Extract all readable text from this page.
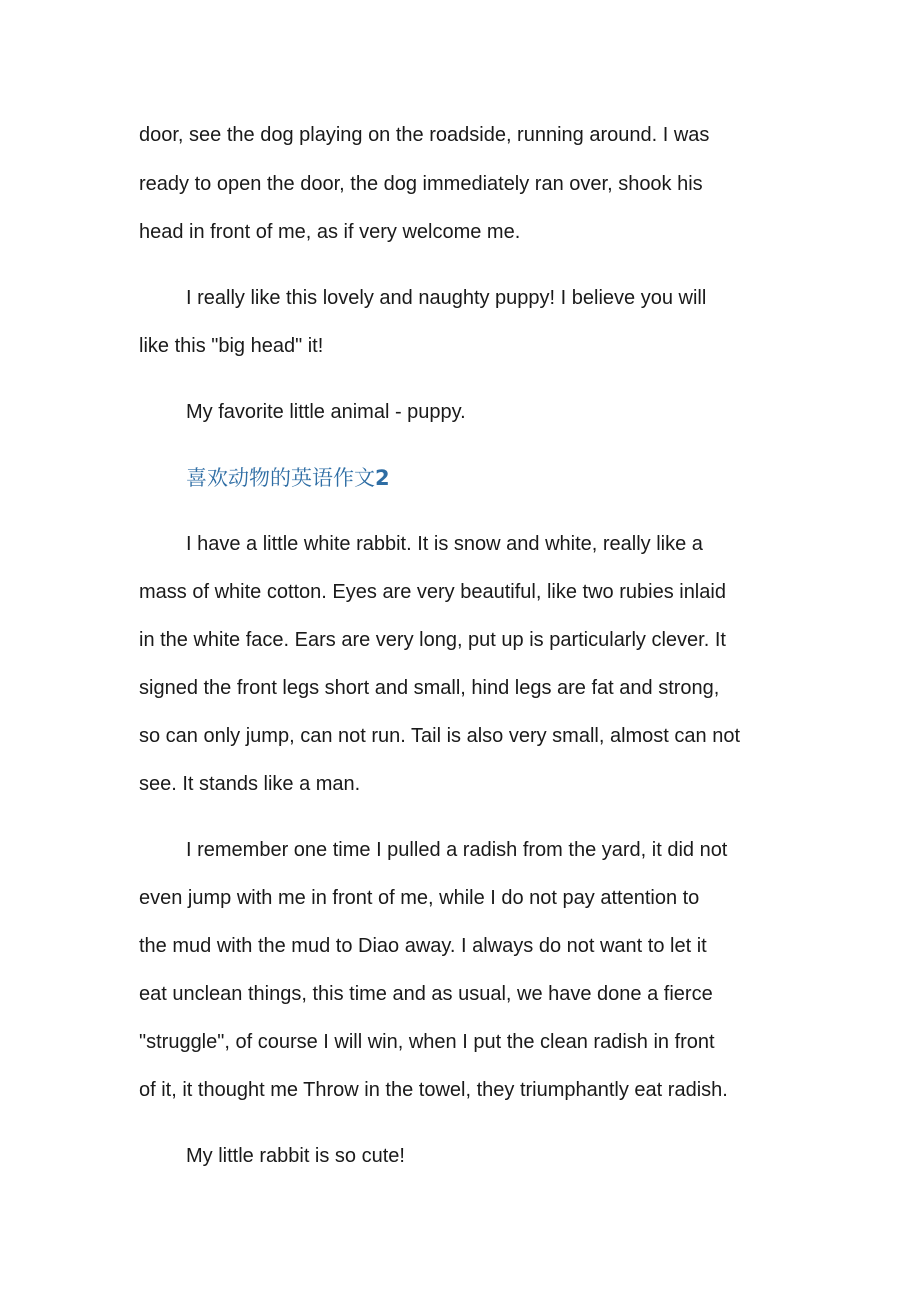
door, see the dog playing on the roadside, running around. I was
ready to open the door, the dog immediately ran over, shook his
head in front of me, as if very welcome me.
I really like this lovely and naughty puppy! I believe you will
like this "big head" it!
My favorite little animal - puppy.
喜欢动物的英语作文2
I have a little white rabbit. It is snow and white, really like a
mass of white cotton. Eyes are very beautiful, like two rubies inlaid
in the white face. Ears are very long, put up is particularly clever. It
signed the front legs short and small, hind legs are fat and strong,
so can only jump, can not run. Tail is also very small, almost can not
see. It stands like a man.
I remember one time I pulled a radish from the yard, it did not
even jump with me in front of me, while I do not pay attention to
the mud with the mud to Diao away. I always do not want to let it
eat unclean things, this time and as usual, we have done a fierce
"struggle", of course I will win, when I put the clean radish in front
of it, it thought me Throw in the towel, they triumphantly eat radish.
My little rabbit is so cute!
